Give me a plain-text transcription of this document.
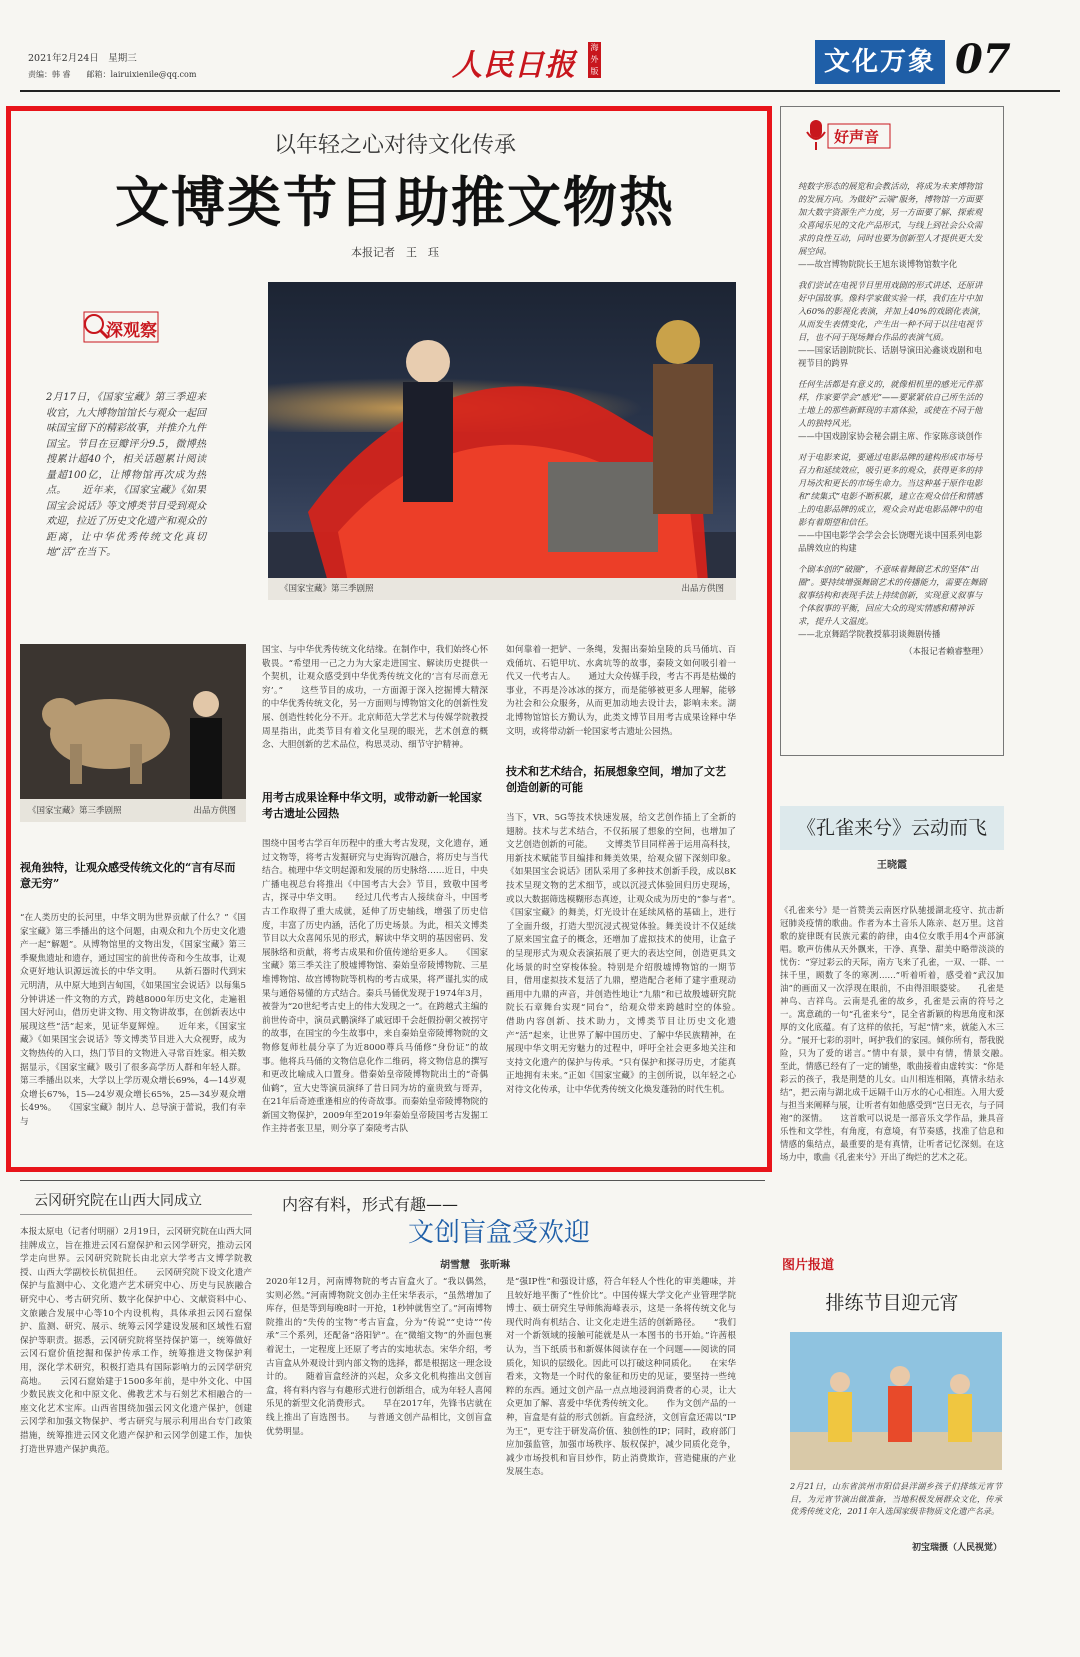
2021年2月24日　星期三
责编：韩 睿　　邮箱：lairuixienile@qq.com	人民日报
海外版	文化万象 07
以年轻之心对待文化传承
文博类节目助推文物热
本报记者　王　珏
深观察
2月17日，《国家宝藏》第三季迎来收官，九大博物馆馆长与观众一起回味国宝留下的精彩故事，并推介九件国宝。节目在豆瓣评分9.5，微博热搜累计超40个，相关话题累计阅读量超100亿，让博物馆再次成为热点。　　近年来，《国家宝藏》《如果国宝会说话》等文博类节目受到观众欢迎，拉近了历史文化遗产和观众的距离，让中华优秀传统文化真切地“活”在当下。
《国家宝藏》第三季剧照	出品方供图
《国家宝藏》第三季剧照	出品方供图
视角独特，让观众感受传统文化的“言有尽而意无穷”
“在人类历史的长河里，中华文明为世界贡献了什么？”《国家宝藏》第三季播出的这个问题，由观众和九个历史文化遗产一起“解题”。从博物馆里的文物出发，《国家宝藏》第三季聚焦遗址和遗存，通过国宝的前世传奇和今生故事，让观众更好地认识源远流长的中华文明。　　从新石器时代到宋元明清，从中原大地到吉甸国，《如果国宝会说话》以每集5分钟讲述一件文物的方式，跨越8000年历史文化，走遍祖国大好河山，借历史讲文物、用文物讲故事，在创新表达中展现这些“活”起来，见证华夏辉煌。　　近年来，《国家宝藏》《如果国宝会说话》等文博类节目进入大众视野，成为文物热传的入口，热门节目的文物进入寻常百姓家。相关数据显示，《国家宝藏》吸引了很多高学历人群和年轻人群。第三季播出以来，大学以上学历观众增长69%，4—14岁观众增长67%，15—24岁观众增长65%，25—34岁观众增长49%。　　《国家宝藏》制片人、总导演于蕾说，我们有幸与
国宝、与中华优秀传统文化结缘。在制作中，我们始终心怀敬畏。“希望用一己之力为大家走进国宝、解读历史提供一个契机，让观众感受到中华优秀传统文化的‘言有尽而意无穷’。”　　这些节目的成功，一方面源于深入挖掘博大精深的中华优秀传统文化，另一方面则与博物馆文化的创新性发展、创造性转化分不开。北京师范大学艺术与传媒学院教授周星指出，此类节目有着文化呈现的眼光，艺术创意的概念、大胆创新的艺术品位，构思灵动、细节守护精神。
用考古成果诠释中华文明，或带动新一轮国家考古遗址公园热
围绕中国考古学百年历程中的重大考古发现，文化遗存，通过文物等，将考古发掘研究与史海钩沉融合，将历史与当代结合。梳理中华文明起源和发展的历史脉络……近日，中央广播电视总台将推出《中国考古大会》节目，致敬中国考古，探寻中华文明。　　经过几代考古人接续奋斗，中国考古工作取得了重大成就，延伸了历史轴线，增强了历史信度，丰富了历史内涵，活化了历史场景。为此，相关文博类节目以大众喜闻乐见的形式，解读中华文明的基因密码、发展脉络和贡献，将考古成果和价值传递给更多人。　　《国家宝藏》第三季关注了殷墟博物馆、秦始皇帝陵博物院、三星堆博物馆、故宫博物院等机构的考古成果，将严谨扎实的成果与通俗易懂的方式结合。秦兵马俑优发现于1974年3月，被誉为“20世纪考古史上的伟大发现之一”。在跨越式主编的前世传奇中，演员武鹏演绎了戚冠即千会赶假扮朝父被拐守的故事，在国宝的今生故事中，来自秦始皇帝陵博物院的文物修复师杜晨分享了为近8000尊兵马俑修“身份证”的故事。他将兵马俑的文物信息化作二维码，将文物信息的撰写和更改比喻成入口置身。借秦始皇帝陵博物院出土的“奇偶仙鹤”，宣大史等演员演绎了昔日同为坊的童贵致与哥弄，在21年后奇迹重逢相应的传奇故事。而秦始皇帝陵博物院的新国文物保护，2009年至2019年秦始皇帝陵国考古发掘工作主持者张卫星，则分享了秦陵考古队
如何靠着一把铲、一条绳，发掘出秦始皇陵的兵马俑坑、百戏俑坑、石铠甲坑、水禽坑等的故事，秦陵文如何吸引着一代又一代考古人。　　通过大众传媒手段，考古不再是枯燥的事业，不再是冷冰冰的探方，而是能够被更多人理解，能够为社会和公众服务，从而更加动地去设计去，影响未来。湖北博物馆馆长方勤认为，此类文博节目用考古成果诠释中华文明，或将带动新一轮国家考古遗址公园热。
技术和艺术结合，拓展想象空间，增加了文艺创造创新的可能
当下，VR、5G等技术快速发展，给文艺创作插上了全新的翅膀。技术与艺术结合，不仅拓展了想象的空间，也增加了文艺创造创新的可能。　　文博类节目同样善于运用高科技，用新技术赋能节目编排和舞美效果，给观众留下深刻印象。《如果国宝会说话》团队采用了多种技术创新手段，成以8K技术呈现文物的艺术细节，或以沉浸式体验回归历史现场，或以大数据筛选模糊形态真迹，让观众成为历史的“参与者”。　　《国家宝藏》的舞美，灯光设计在延续风格的基础上，进行了全面升级，打造大型沉浸式视觉体验。舞美设计不仅延续了原来国宝盒子的概念，还增加了虚拟技术的使用，让盒子的呈现形式为观众表演拓展了更大的表达空间，创造更具文化场景的时空穿梭体验。特别是介绍殷墟博物馆的一期节目，借用虚拟技术复活了九鼎，塑造配合老师了建宇重现动画用中九鼎的声音，并创造性地让“九鼎”和已故殷墟研究院院长石章舞台实现“同台”，给观众带来跨越时空的体验。　　借助内容创新、技术助力，文博类节目让历史文化遗产“活”起来，让世界了解中国历史、了解中华民族精神，在展现中华文明无穷魅力的过程中，呼吁全社会更多地关注和支持文化遗产的保护与传承。“只有保护和探寻历史，才能真正地拥有未来。”正如《国家宝藏》的主创所说，以年轻之心对待文化传承，让中华优秀传统文化焕发蓬勃的时代生机。
好声音
纯数字形态的展览和会教活动，将成为未来博物馆的发展方向。为做好“云端”服务，博物馆一方面要加大数字资源生产力度，另一方面要了解、探索观众喜闻乐见的文化产品形式，与线上到社会公众需求的良性互动，同时也要为创新型人才提供更大发展空间。
——故宫博物院院长王旭东谈博物馆数字化
我们尝试在电视节目里用戏剧的形式讲述、还原讲好中国故事。像科学家做实验一样，我们在片中加入60%的影视化表演，并加上40%的戏剧化表演，从而发生表情变化，产生出一种不同于以往电视节目，也不同于现场舞台作品的表演气质。
——国家话剧院院长、话剧导演田沁鑫谈戏剧和电视节目的跨界
任何生活都是有意义的，就像相机里的感光元件那样，作家要学会“感光”——要紧紧依自己所生活的土地上的那些新鲜现的丰富体验，或使在不同于他人的独特风光。
——中国戏剧家协会秘会副主席、作家陈彦谈创作
对于电影来说，要通过电影品牌的建构形成市场号召力和延续效应，吸引更多的观众，获得更多的持月场次和更长的市场生命力。当这种基于原作电影和“续集式”电影不断积累，建立在观众信任和情感上的电影品牌的成立，观众会对此电影品牌中的电影有着期望和信任。
——中国电影学会学会会长饶曙光谈中国系列电影品牌效应的构建
个剧本创的“破圈”，不意味着舞剧艺术的坚体“出圈”。要持续增强舞剧艺术的传播能力，需要在舞剧叙事结构和表现手法上持续创新，实现意义叙事与个体叙事的平衡，回应大众的现实情感和精神诉求，提升人文温度。
——北京舞蹈学院教授慕羽谈舞剧传播
（本报记者赖睿整理）
《孔雀来兮》云动而飞
王晓霞
《孔雀来兮》是一首赞美云南医疗队驰援湖北疫守、抗击新冠肺炎疫情的歌曲。作者为本土音乐人陈亲、赵万里。这首歌的旋律既有民族元素的韵律，由4位女歌手用4个声部演唱。歌声仿佛从天外飘来，干净、真挚、甜美中略带淡淡的忧伤：“穿过彩云的天际，南方飞来了孔雀，一双、一群、一抹千里，顾数了冬的寒冽……”听着听着，感受着“武汉加油”的画面又一次浮现在眼前，不由得泪眼婆娑。　　孔雀是神鸟、吉祥鸟。云南是孔雀的故乡，孔雀是云南的符号之一。寓意疏的一句“孔雀来兮”，昆全省新颖的构思角度和深厚的文化底蕴。有了这样的依托，写起“情”来，就能入木三分。“展开七彩的羽叶，呵护我们的家园。倾你所有，帮我脱险，只为了爱的诺言。”情中有景，景中有情，情景交融。　　至此，情感已经有了一定的铺垫，歌曲接着由虚转实：“你是彩云的孩子，我是荆楚的儿女。山川相连相隔，真情永结永结”，把云南与湖北成千远隔千山万水的心心相连。入用大爱与担当来阐释与展，让听者有如他感受到“岂曰无衣，与子同袍”的深情。　　这首歌可以说是一部音乐文学作品，兼具音乐性和文学性，有角度，有意境，有节奏感，找准了信息和情感的集结点，最重要的是有真情，让听者记忆深刻。在这场力中，歌曲《孔雀来兮》开出了绚烂的艺术之花。
云冈研究院在山西大同成立
本报太原电（记者付明丽）2月19日，云冈研究院在山西大同挂牌成立，旨在推进云冈石窟保护和云冈学研究，推动云冈学走向世界。云冈研究院院长由北京大学考古文博学院教授、山西大学副校长杭侃担任。　　云冈研究院下设文化遗产保护与监测中心、文化遗产艺术研究中心、历史与民族融合研究中心、考古研究所、数字化保护中心、文献资料中心、文旅融合发展中心等10个内设机构，具体承担云冈石窟保护、监测、研究、展示、统筹云冈学建设发展和区域性石窟保护等职责。据悉，云冈研究院将坚持保护第一，统筹做好云冈石窟价值挖掘和保护传承工作，统筹推进文物保护利用，深化学术研究，积极打造具有国际影响力的云冈学研究高地。　　云冈石窟始建于1500多年前，是中外文化、中国少数民族文化和中原文化、佛教艺术与石刻艺术相融合的一座文化艺术宝库。山西省围绕加强云冈文化遗产保护，创建云冈学和加强文物保护、考古研究与展示利用出台专门政策措施，统筹推进云冈文化遗产保护和云冈学创建工作，加快打造世界遗产保护典范。
内容有料，形式有趣——
文创盲盒受欢迎
胡雪慧　张昕琳
2020年12月，河南博物院的考古盲盒火了。“我以偶然，实则必然。”河南博物院文创办主任宋华表示，“虽然增加了库存，但是等到每晚8时一开抢，1秒钟就售空了。”河南博物院推出的“失传的宝物”考古盲盒，分为“传说”“史诗”“传承”三个系列，还配备“洛阳铲”。在“微缩文物”的外面包裹着泥土，一定程度上还原了考古的实地状态。宋华介绍，考古盲盒从外观设计到内部文物的选择，都是根据这一理念设计的。　　随着盲盒经济的兴起，众多文化机构推出文创盲盒，将有料内容与有趣形式进行创新组合，成为年轻人喜闻乐见的新型文化消费形式。　　早在2017年，先锋书店就在线上推出了盲选图书。　　与普通文创产品相比，文创盲盒优势明显。
是“强IP性”和强设计感，符合年轻人个性化的审美趣味，并且较好地平衡了“性价比”。中国传媒大学文化产业管理学院博士、硕士研究生导师熊海峰表示，这是一条将传统文化与现代时尚有机结合、让文化走进生活的创新路径。　　“我们对一个新领域的接触可能就是从一本图书的书开始。”许茜根认为，当下纸质书和新媒体阅读存在一个问题——阅读的同质化，知识的层级化。因此可以打破这种同质化。　　在宋华看来，文物是一个时代的象征和历史的见证，要坚持一些纯粹的东西。通过文创产品一点点地浸润消费者的心灵，让大众更加了解、喜爱中华优秀传统文化。　　作为文创产品的一种，盲盒是有益的形式创新。盲盒经济，文创盲盒还需以“IP为王”，更专注于研发高价值、独创性的IP；同时，政府部门应加强监管，加强市场秩序、版权保护，减少同质化竞争，减少市场投机和盲目炒作，防止消费欺诈，营造健康的产业发展生态。
图片报道
排练节目迎元宵
2月21日，山东省滨州市阳信县洋湖乡孩子们排练元宵节目，为元宵节演出做准备，当地积极发展群众文化，传承优秀传统文化，2011年入选国家级非物质文化遗产名录。
初宝瑞摄（人民视觉）
